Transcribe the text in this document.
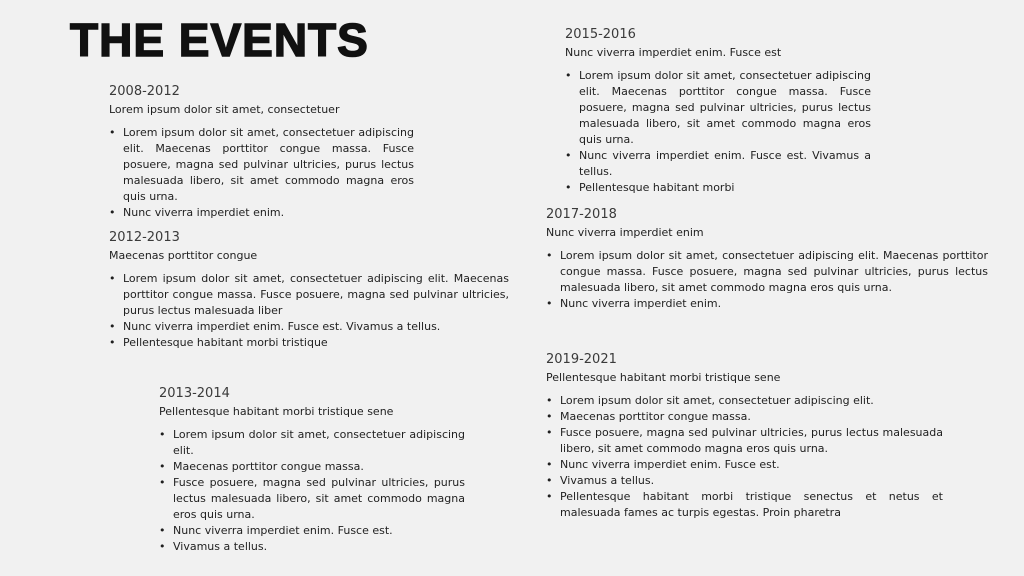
THE EVENTS
2008-2012
Lorem ipsum dolor sit amet, consectetuer
• Lorem ipsum dolor sit amet, consectetuer adipiscing elit. Maecenas porttitor congue massa. Fusce posuere, magna sed pulvinar ultricies, purus lectus malesuada libero, sit amet commodo magna eros quis urna.
• Nunc viverra imperdiet enim.
2012-2013
Maecenas porttitor congue
• Lorem ipsum dolor sit amet, consectetuer adipiscing elit. Maecenas porttitor congue massa. Fusce posuere, magna sed pulvinar ultricies, purus lectus malesuada liber
• Nunc viverra imperdiet enim. Fusce est. Vivamus a tellus.
• Pellentesque habitant morbi tristique
2013-2014
Pellentesque habitant morbi tristique sene
• Lorem ipsum dolor sit amet, consectetuer adipiscing elit.
• Maecenas porttitor congue massa.
• Fusce posuere, magna sed pulvinar ultricies, purus lectus malesuada libero, sit amet commodo magna eros quis urna.
• Nunc viverra imperdiet enim. Fusce est.
• Vivamus a tellus.
2015-2016
Nunc viverra imperdiet enim. Fusce est
• Lorem ipsum dolor sit amet, consectetuer adipiscing elit. Maecenas porttitor congue massa. Fusce posuere, magna sed pulvinar ultricies, purus lectus malesuada libero, sit amet commodo magna eros quis urna.
• Nunc viverra imperdiet enim. Fusce est. Vivamus a tellus.
• Pellentesque habitant morbi
2017-2018
Nunc viverra imperdiet enim
• Lorem ipsum dolor sit amet, consectetuer adipiscing elit. Maecenas porttitor congue massa. Fusce posuere, magna sed pulvinar ultricies, purus lectus malesuada libero, sit amet commodo magna eros quis urna.
• Nunc viverra imperdiet enim.
2019-2021
Pellentesque habitant morbi tristique sene
• Lorem ipsum dolor sit amet, consectetuer adipiscing elit.
• Maecenas porttitor congue massa.
• Fusce posuere, magna sed pulvinar ultricies, purus lectus malesuada libero, sit amet commodo magna eros quis urna.
• Nunc viverra imperdiet enim. Fusce est.
• Vivamus a tellus.
• Pellentesque habitant morbi tristique senectus et netus et malesuada fames ac turpis egestas. Proin pharetra
